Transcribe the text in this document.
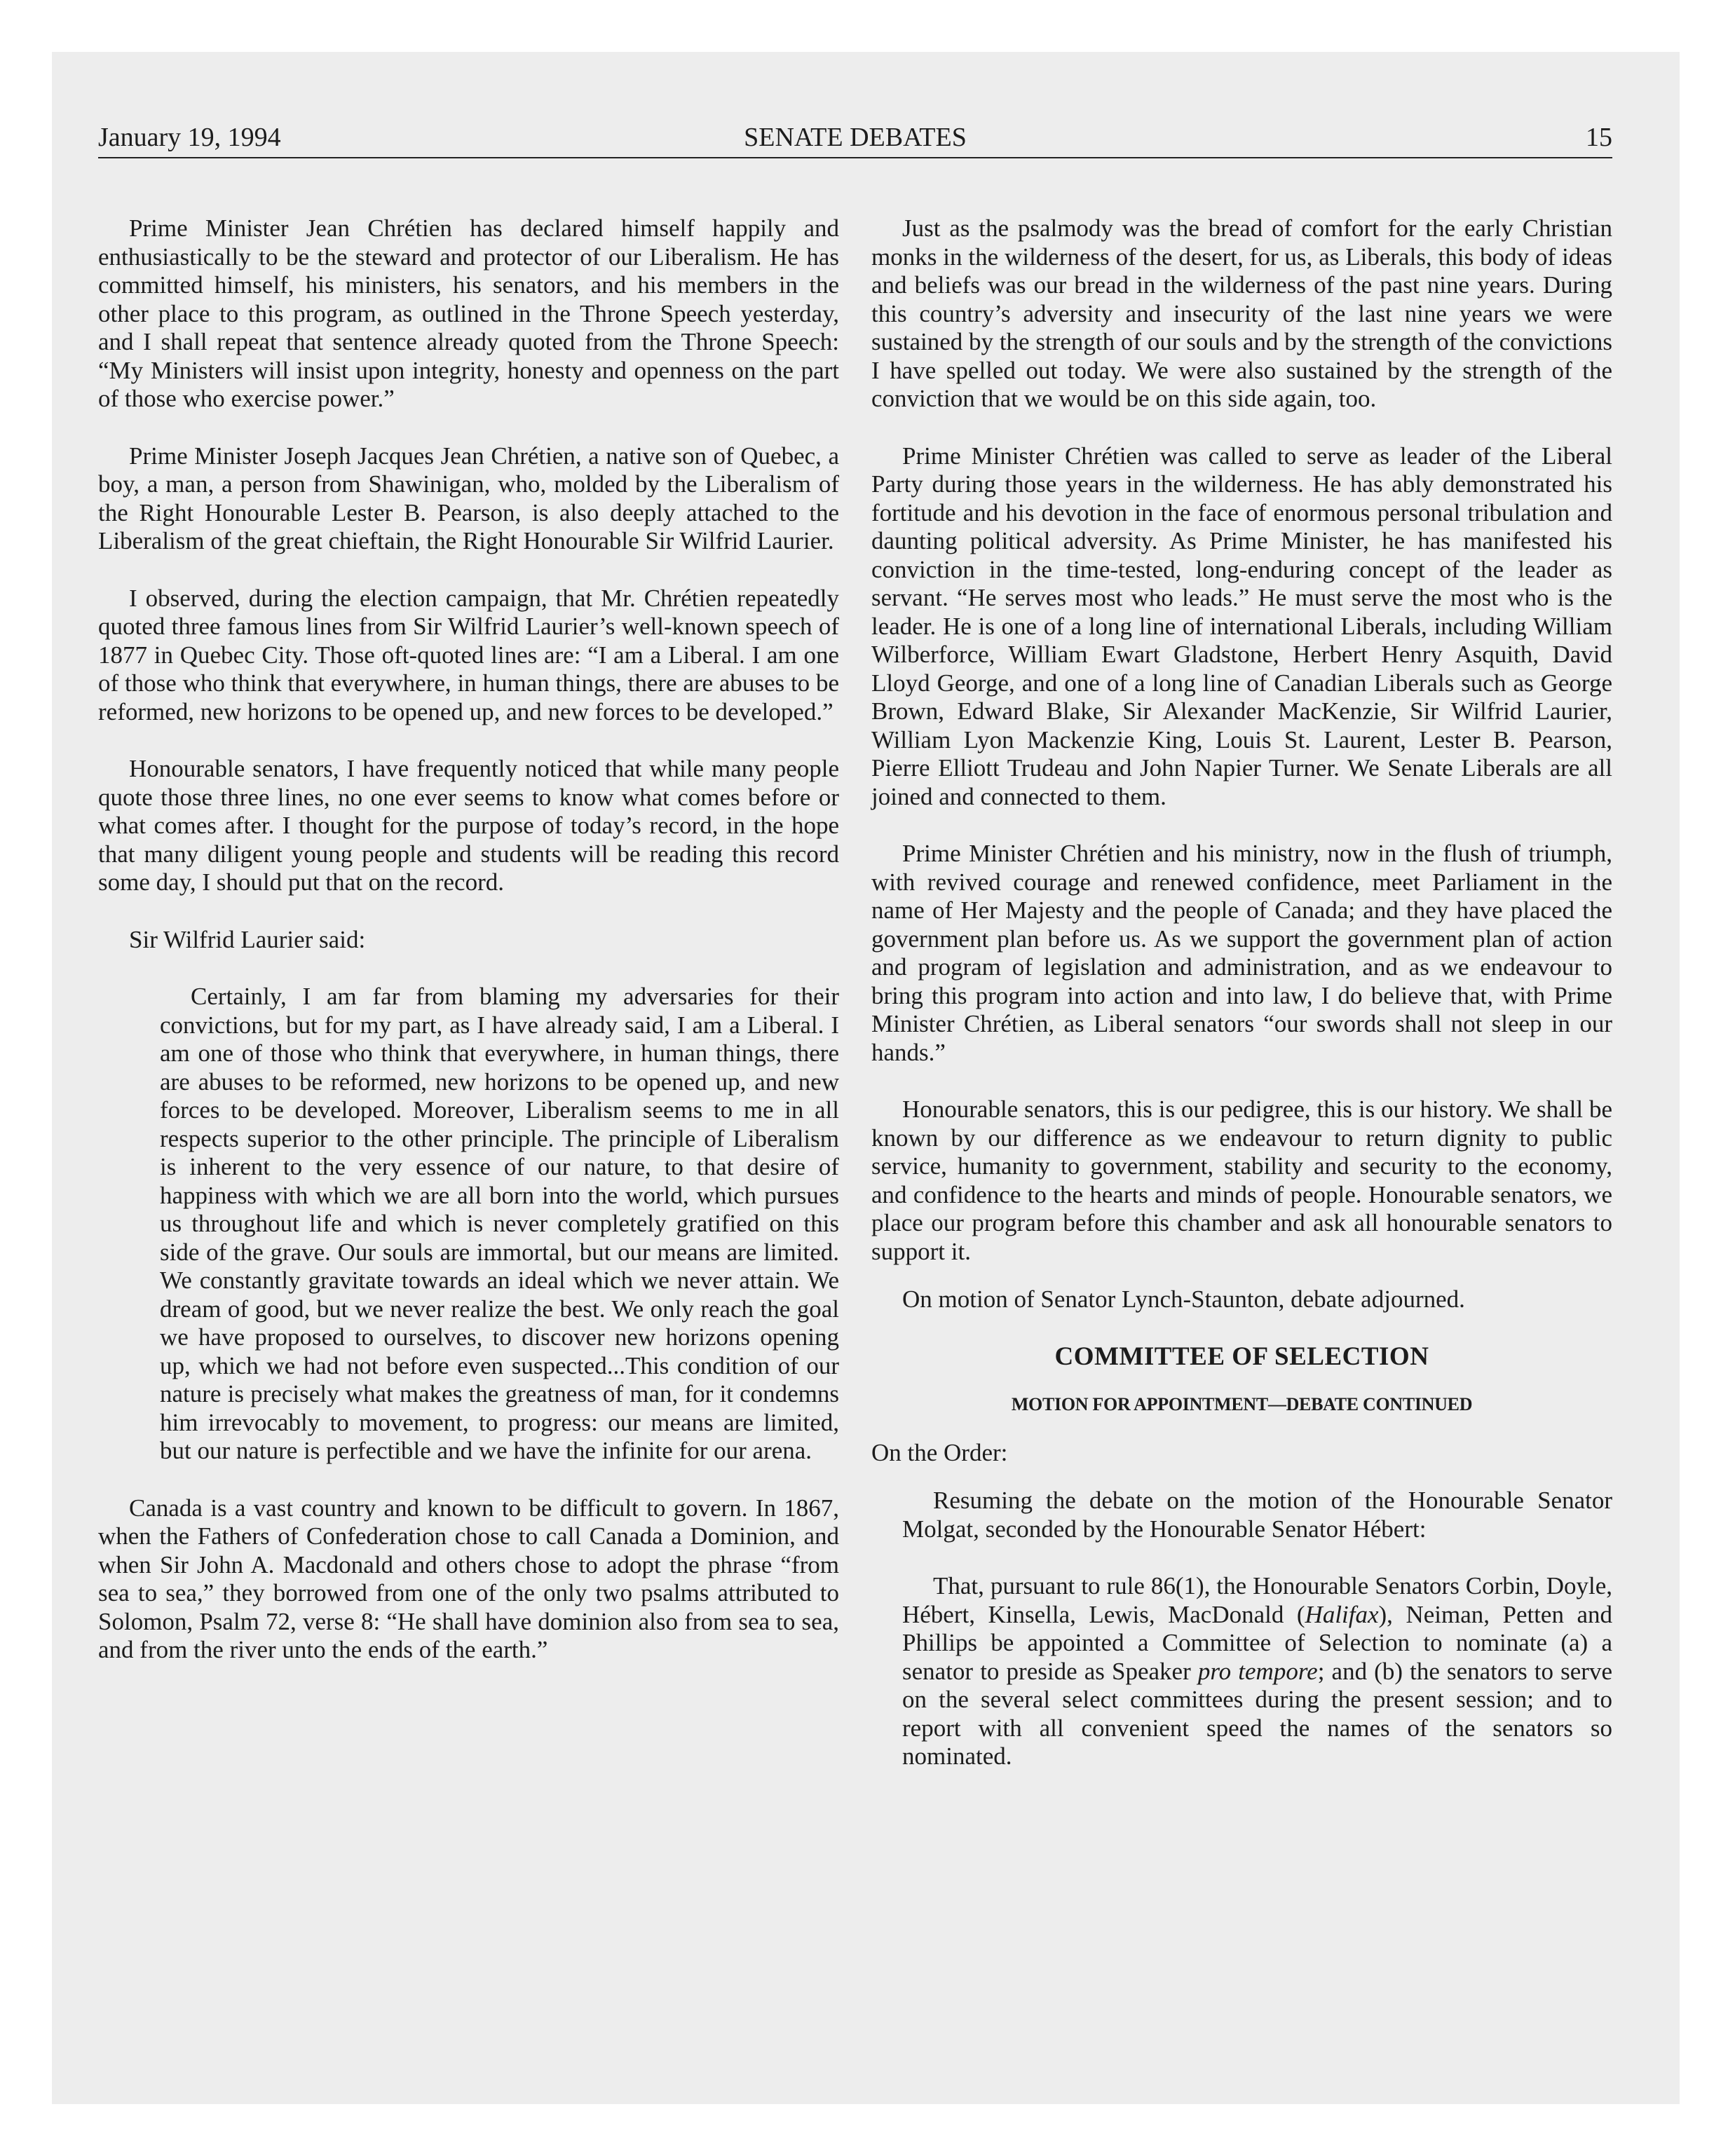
January 19, 1994	SENATE DEBATES	15

Prime Minister Jean Chrétien has declared himself happily and enthusiastically to be the steward and protector of our Liberalism. He has committed himself, his ministers, his senators, and his members in the other place to this program, as outlined in the Throne Speech yesterday, and I shall repeat that sentence already quoted from the Throne Speech: “My Ministers will insist upon integrity, honesty and openness on the part of those who exercise power.”

Prime Minister Joseph Jacques Jean Chrétien, a native son of Quebec, a boy, a man, a person from Shawinigan, who, molded by the Liberalism of the Right Honourable Lester B. Pearson, is also deeply attached to the Liberalism of the great chieftain, the Right Honourable Sir Wilfrid Laurier.

I observed, during the election campaign, that Mr. Chrétien repeatedly quoted three famous lines from Sir Wilfrid Laurier’s well-known speech of 1877 in Quebec City. Those oft-quoted lines are: “I am a Liberal. I am one of those who think that everywhere, in human things, there are abuses to be reformed, new horizons to be opened up, and new forces to be developed.”

Honourable senators, I have frequently noticed that while many people quote those three lines, no one ever seems to know what comes before or what comes after. I thought for the purpose of today’s record, in the hope that many diligent young people and students will be reading this record some day, I should put that on the record.

Sir Wilfrid Laurier said:

Certainly, I am far from blaming my adversaries for their convictions, but for my part, as I have already said, I am a Liberal. I am one of those who think that everywhere, in human things, there are abuses to be reformed, new horizons to be opened up, and new forces to be developed. Moreover, Liberalism seems to me in all respects superior to the other principle. The principle of Liberalism is inherent to the very essence of our nature, to that desire of happiness with which we are all born into the world, which pursues us throughout life and which is never completely gratified on this side of the grave. Our souls are immortal, but our means are limited. We constantly gravitate towards an ideal which we never attain. We dream of good, but we never realize the best. We only reach the goal we have proposed to ourselves, to discover new horizons opening up, which we had not before even suspected...This condition of our nature is precisely what makes the greatness of man, for it condemns him irrevocably to movement, to progress: our means are limited, but our nature is perfectible and we have the infinite for our arena.

Canada is a vast country and known to be difficult to govern. In 1867, when the Fathers of Confederation chose to call Canada a Dominion, and when Sir John A. Macdonald and others chose to adopt the phrase “from sea to sea,” they borrowed from one of the only two psalms attributed to Solomon, Psalm 72, verse 8: “He shall have dominion also from sea to sea, and from the river unto the ends of the earth.”

Just as the psalmody was the bread of comfort for the early Christian monks in the wilderness of the desert, for us, as Liberals, this body of ideas and beliefs was our bread in the wilderness of the past nine years. During this country’s adversity and insecurity of the last nine years we were sustained by the strength of our souls and by the strength of the convictions I have spelled out today. We were also sustained by the strength of the conviction that we would be on this side again, too.

Prime Minister Chrétien was called to serve as leader of the Liberal Party during those years in the wilderness. He has ably demonstrated his fortitude and his devotion in the face of enormous personal tribulation and daunting political adversity. As Prime Minister, he has manifested his conviction in the time-tested, long-enduring concept of the leader as servant. “He serves most who leads.” He must serve the most who is the leader. He is one of a long line of international Liberals, including William Wilberforce, William Ewart Gladstone, Herbert Henry Asquith, David Lloyd George, and one of a long line of Canadian Liberals such as George Brown, Edward Blake, Sir Alexander MacKenzie, Sir Wilfrid Laurier, William Lyon Mackenzie King, Louis St. Laurent, Lester B. Pearson, Pierre Elliott Trudeau and John Napier Turner. We Senate Liberals are all joined and connected to them.

Prime Minister Chrétien and his ministry, now in the flush of triumph, with revived courage and renewed confidence, meet Parliament in the name of Her Majesty and the people of Canada; and they have placed the government plan before us. As we support the government plan of action and program of legislation and administration, and as we endeavour to bring this program into action and into law, I do believe that, with Prime Minister Chrétien, as Liberal senators “our swords shall not sleep in our hands.”

Honourable senators, this is our pedigree, this is our history. We shall be known by our difference as we endeavour to return dignity to public service, humanity to government, stability and security to the economy, and confidence to the hearts and minds of people. Honourable senators, we place our program before this chamber and ask all honourable senators to support it.

On motion of Senator Lynch-Staunton, debate adjourned.

COMMITTEE OF SELECTION

MOTION FOR APPOINTMENT—DEBATE CONTINUED

On the Order:

Resuming the debate on the motion of the Honourable Senator Molgat, seconded by the Honourable Senator Hébert:

That, pursuant to rule 86(1), the Honourable Senators Corbin, Doyle, Hébert, Kinsella, Lewis, MacDonald (Halifax), Neiman, Petten and Phillips be appointed a Committee of Selection to nominate (a) a senator to preside as Speaker pro tempore; and (b) the senators to serve on the several select committees during the present session; and to report with all convenient speed the names of the senators so nominated.
